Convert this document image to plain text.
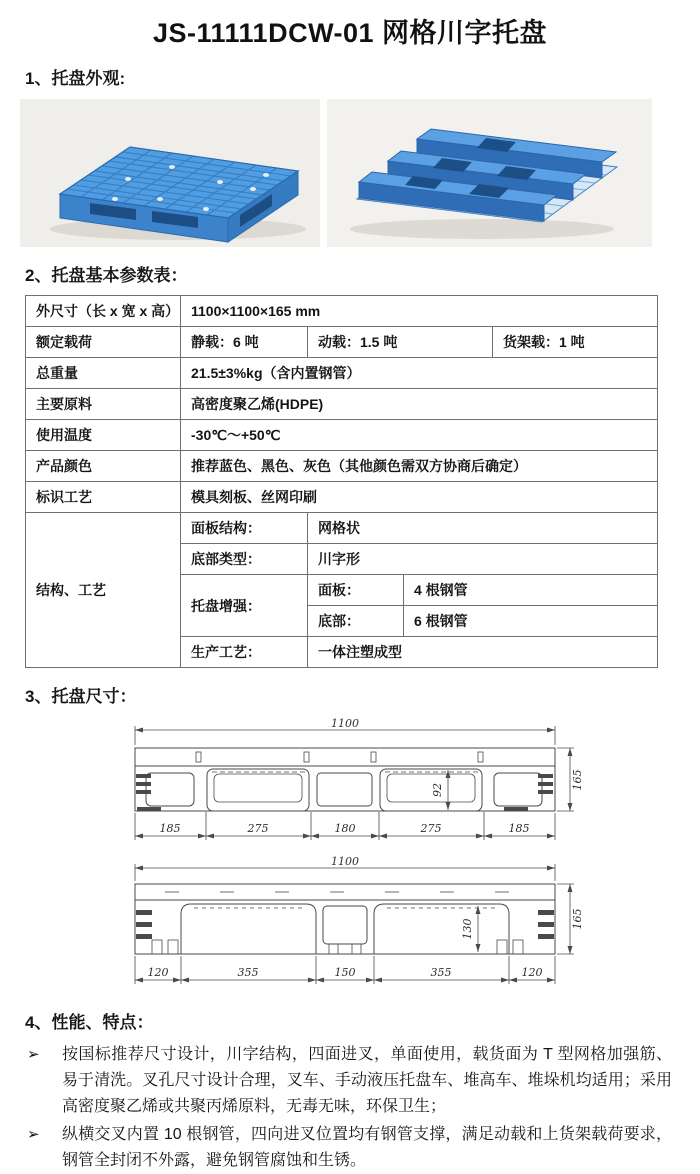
JS-11111DCW-01 网格川字托盘
1、托盘外观:
2、托盘基本参数表：
外尺寸（长 x 宽 x 高）	1100×1100×165 mm			
额定载荷	静载：6 吨	动载：1.5 吨		货架载：1 吨
总重量	21.5±3%kg（含内置钢管）			
主要原料	高密度聚乙烯(HDPE)			
使用温度	-30℃～+50℃			
产品颜色	推荐蓝色、黑色、灰色（其他颜色需双方协商后确定）			
标识工艺	模具刻板、丝网印刷			
结构、工艺	面板结构：	网格状		
	底部类型：	川字形		
	托盘增强：	面板：	4 根钢管	
		底部：	6 根钢管	
	生产工艺：	一体注塑成型		
3、托盘尺寸：
1100
92	165
185	275	180	275	185
1100
130	165
120	355	150	355	120
4、性能、特点：
➢ 按国标推荐尺寸设计，川字结构，四面进叉，单面使用，载货面为 T 型网格加强筋、易于清洗。叉孔尺寸设计合理，叉车、手动液压托盘车、堆高车、堆垛机均适用；采用高密度聚乙烯或共聚丙烯原料，无毒无味，环保卫生；
➢ 纵横交叉内置 10 根钢管，四向进叉位置均有钢管支撑，满足动载和上货架载荷要求，钢管全封闭不外露，避免钢管腐蚀和生锈。
